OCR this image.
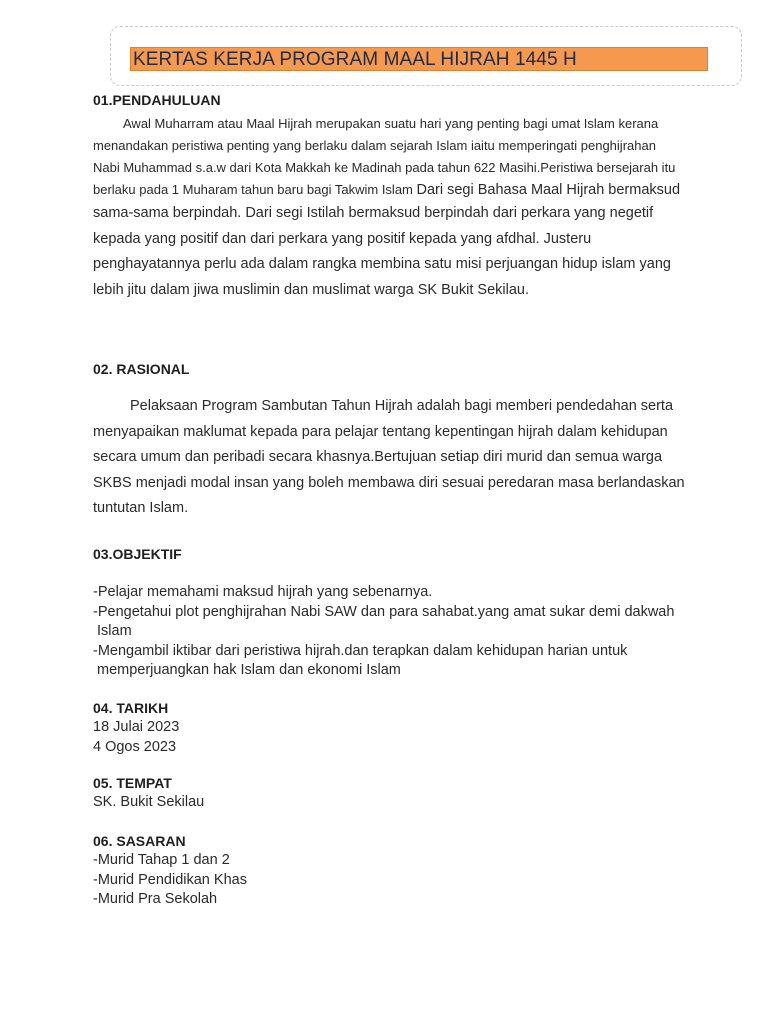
KERTAS KERJA PROGRAM MAAL HIJRAH 1445 H
01.PENDAHULUAN
Awal Muharram atau Maal Hijrah merupakan suatu hari yang penting bagi umat Islam kerana
menandakan peristiwa penting yang berlaku dalam sejarah Islam iaitu memperingati penghijrahan
Nabi Muhammad s.a.w dari Kota Makkah ke Madinah pada tahun 622 Masihi.Peristiwa bersejarah itu
berlaku pada 1 Muharam tahun baru bagi Takwim Islam Dari segi Bahasa Maal Hijrah bermaksud
sama-sama berpindah. Dari segi Istilah bermaksud berpindah dari perkara yang negetif
kepada yang positif dan dari perkara yang positif kepada yang afdhal. Justeru
penghayatannya perlu ada dalam rangka membina satu misi perjuangan hidup islam yang
lebih jitu dalam jiwa muslimin dan muslimat warga SK Bukit Sekilau.
02. RASIONAL
Pelaksaan Program Sambutan Tahun Hijrah adalah bagi memberi pendedahan serta
menyapaikan maklumat kepada para pelajar tentang kepentingan hijrah dalam kehidupan
secara umum dan peribadi secara khasnya.Bertujuan setiap diri murid dan semua warga
SKBS menjadi modal insan yang boleh membawa diri sesuai peredaran masa berlandaskan
tuntutan Islam.
03.OBJEKTIF
-Pelajar memahami maksud hijrah yang sebenarnya.
-Pengetahui plot penghijrahan Nabi SAW dan para sahabat.yang amat sukar demi dakwah
Islam
-Mengambil iktibar dari peristiwa hijrah.dan terapkan dalam kehidupan harian untuk
memperjuangkan hak Islam dan ekonomi Islam
04. TARIKH
18 Julai 2023
4 Ogos 2023
05. TEMPAT
SK. Bukit Sekilau
06. SASARAN
-Murid Tahap 1 dan 2
-Murid Pendidikan Khas
-Murid Pra Sekolah
